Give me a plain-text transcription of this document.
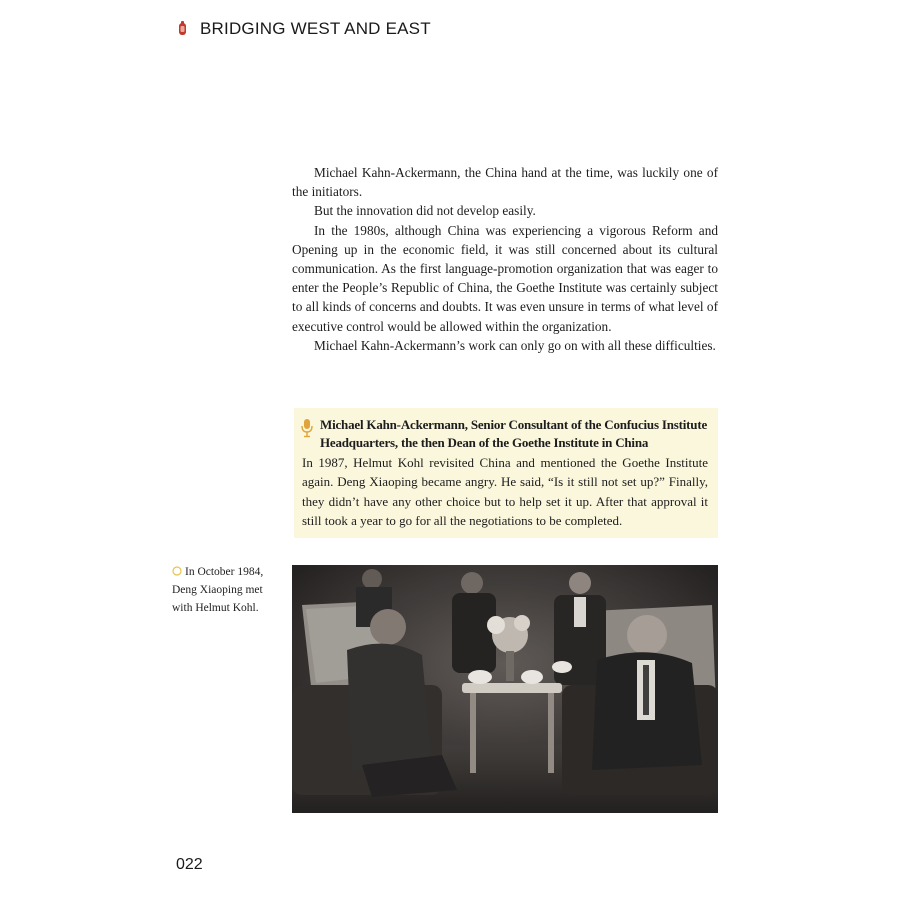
BRIDGING WEST AND EAST

Michael Kahn-Ackermann, the China hand at the time, was luckily one of the initiators.

But the innovation did not develop easily.

In the 1980s, although China was experiencing a vigorous Reform and Opening up in the economic field, it was still concerned about its cultural communication. As the first language-promotion organization that was eager to enter the People’s Republic of China, the Goethe Institute was certainly subject to all kinds of concerns and doubts. It was even unsure in terms of what level of executive control would be allowed within the organization.

Michael Kahn-Ackermann’s work can only go on with all these difficulties.

Michael Kahn-Ackermann, Senior Consultant of the Confucius Institute Headquarters, the then Dean of the Goethe Institute in China

In 1987, Helmut Kohl revisited China and mentioned the Goethe Institute again. Deng Xiaoping became angry. He said, “Is it still not set up?” Finally, they didn’t have any other choice but to help set it up. After that approval it still took a year to go for all the negotiations to be completed.

In October 1984, Deng Xiaoping met with Helmut Kohl.
022
